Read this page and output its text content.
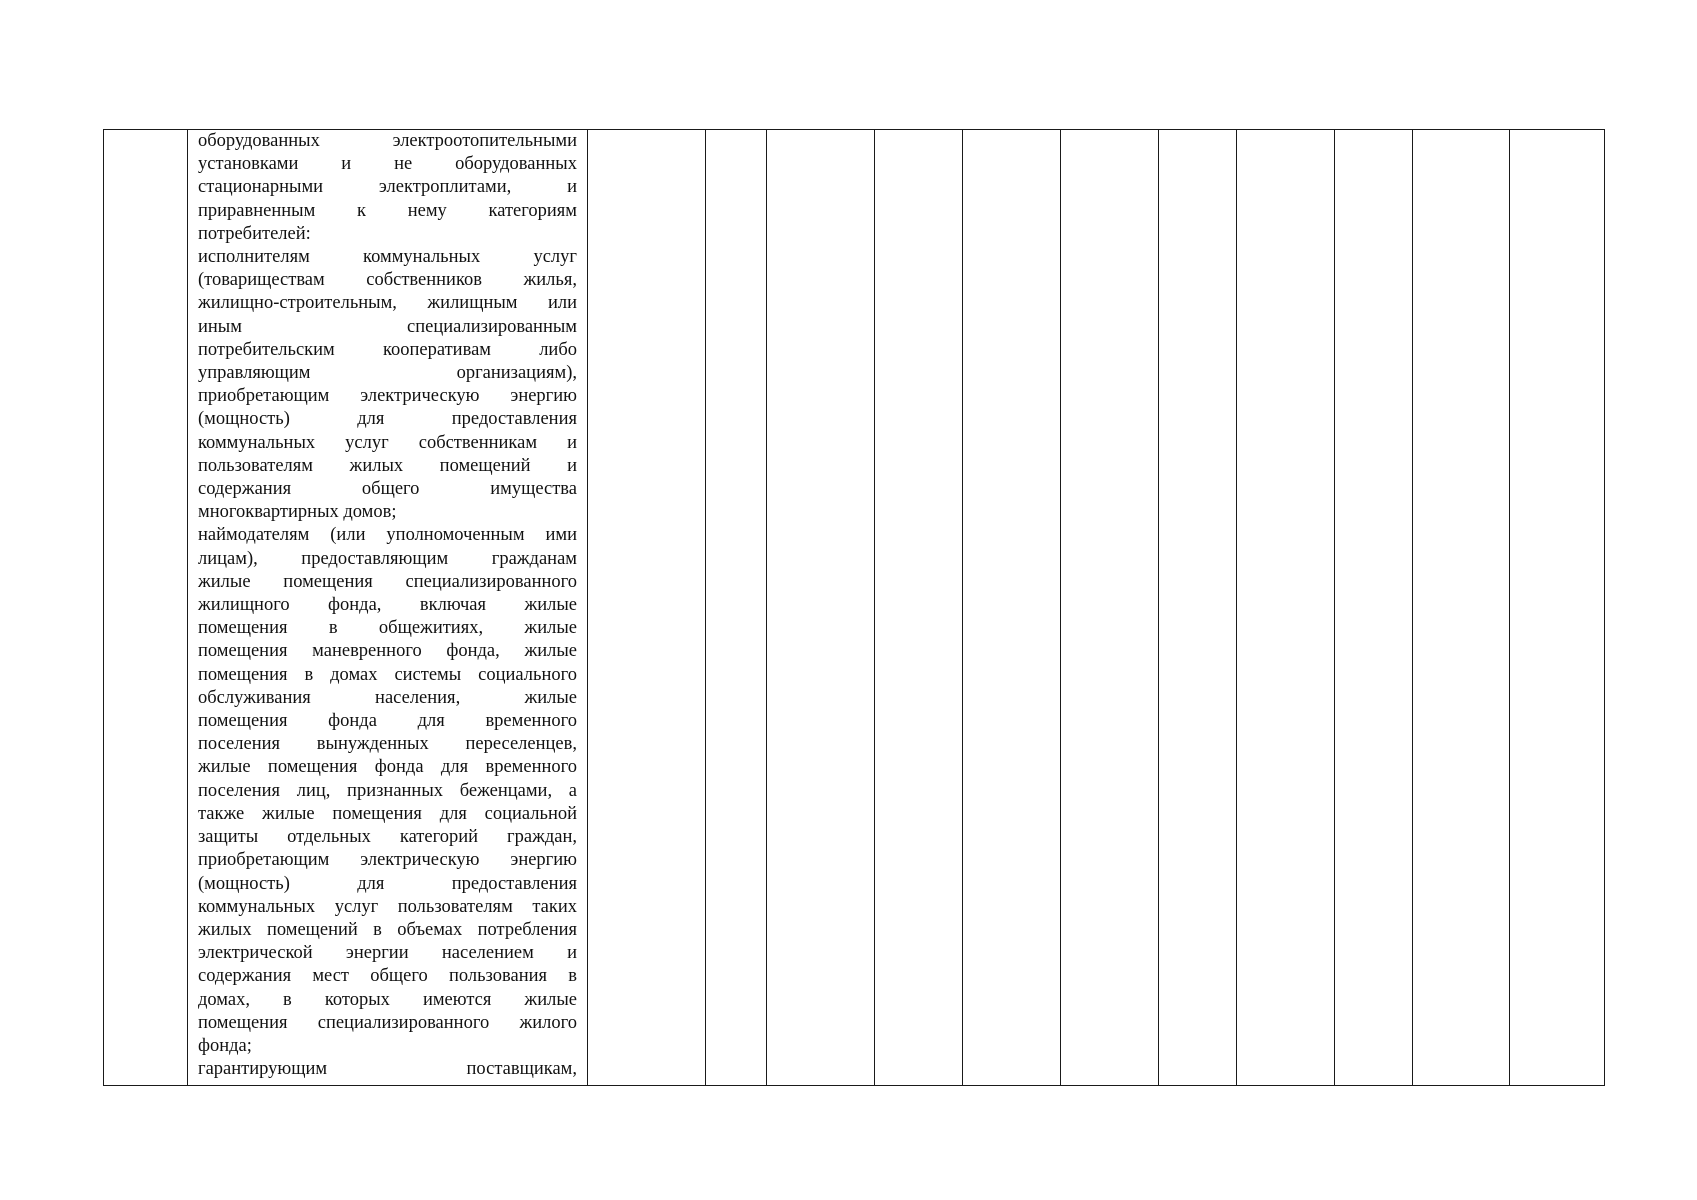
оборудованных электроотопительными
установками и не оборудованных
стационарными электроплитами, и
приравненным к нему категориям
потребителей:
исполнителям коммунальных услуг
(товариществам собственников жилья,
жилищно-строительным, жилищным или
иным специализированным
потребительским кооперативам либо
управляющим организациям),
приобретающим электрическую энергию
(мощность) для предоставления
коммунальных услуг собственникам и
пользователям жилых помещений и
содержания общего имущества
многоквартирных домов;
наймодателям (или уполномоченным ими
лицам), предоставляющим гражданам
жилые помещения специализированного
жилищного фонда, включая жилые
помещения в общежитиях, жилые
помещения маневренного фонда, жилые
помещения в домах системы социального
обслуживания населения, жилые
помещения фонда для временного
поселения вынужденных переселенцев,
жилые помещения фонда для временного
поселения лиц, признанных беженцами, а
также жилые помещения для социальной
защиты отдельных категорий граждан,
приобретающим электрическую энергию
(мощность) для предоставления
коммунальных услуг пользователям таких
жилых помещений в объемах потребления
электрической энергии населением и
содержания мест общего пользования в
домах, в которых имеются жилые
помещения специализированного жилого
фонда;
гарантирующим поставщикам,
